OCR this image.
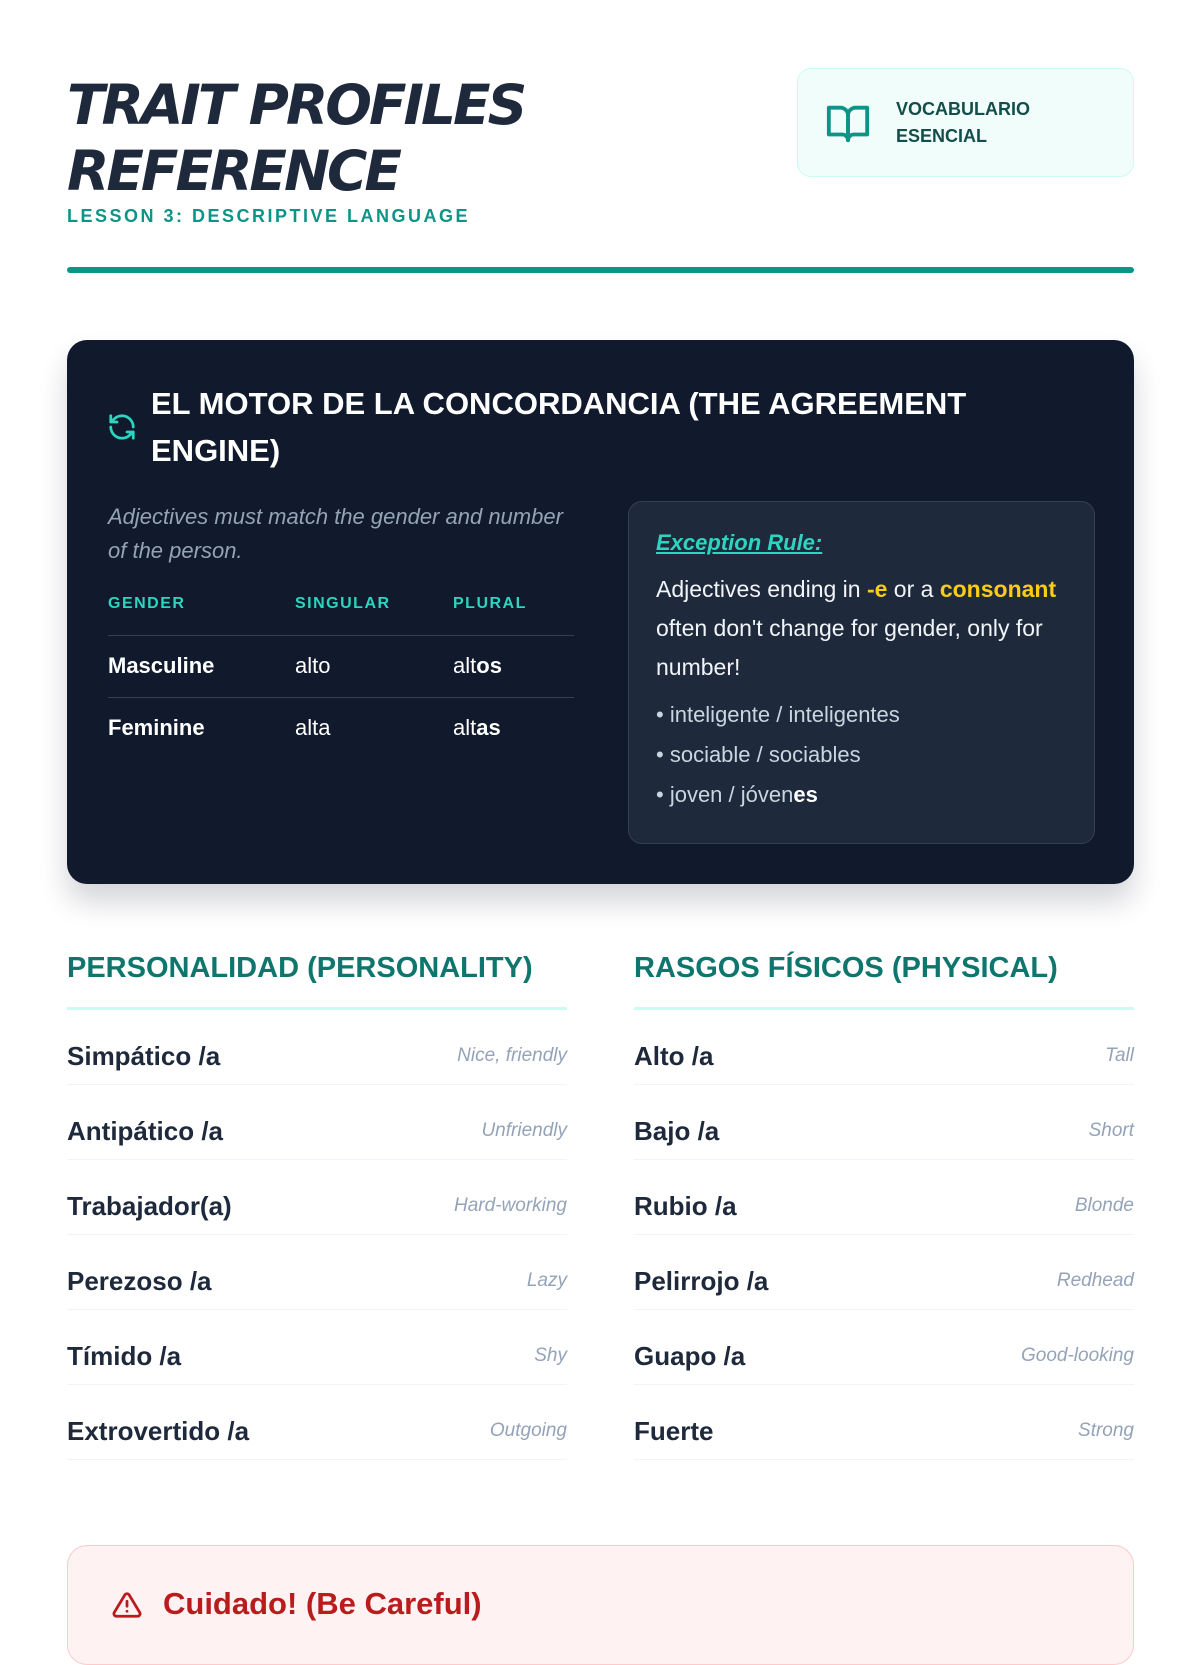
TRAIT PROFILES
REFERENCE
LESSON 3: DESCRIPTIVE LANGUAGE
VOCABULARIO
ESENCIAL
EL MOTOR DE LA CONCORDANCIA (THE AGREEMENT ENGINE)
Adjectives must match the gender and number of the person.
GENDER	SINGULAR	PLURAL
Masculine	alto	altos
Feminine	alta	altas
Exception Rule:
Adjectives ending in -e or a consonant often don't change for gender, only for number!
• inteligente / inteligentes
• sociable / sociables
• joven / jóvenes
PERSONALIDAD (PERSONALITY)
Simpático /a	Nice, friendly
Antipático /a	Unfriendly
Trabajador(a)	Hard-working
Perezoso /a	Lazy
Tímido /a	Shy
Extrovertido /a	Outgoing
RASGOS FÍSICOS (PHYSICAL)
Alto /a	Tall
Bajo /a	Short
Rubio /a	Blonde
Pelirrojo /a	Redhead
Guapo /a	Good-looking
Fuerte	Strong
Cuidado! (Be Careful)
